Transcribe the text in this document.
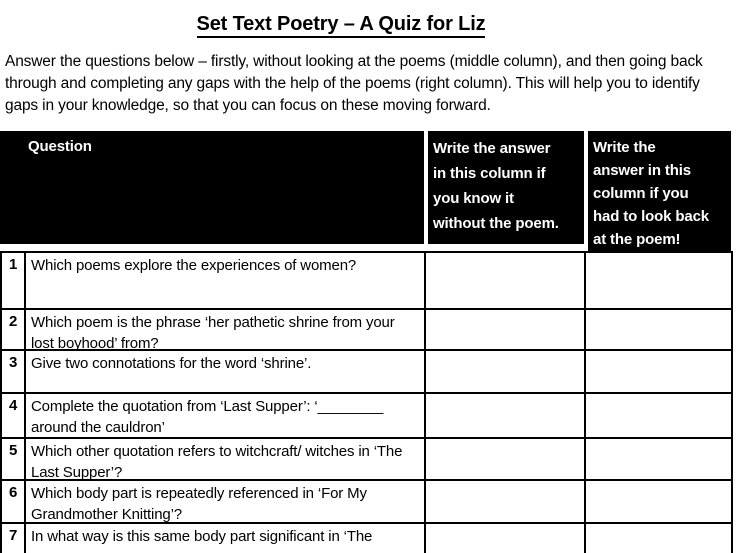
Set Text Poetry – A Quiz for Liz
Answer the questions below – firstly, without looking at the poems (middle column), and then going back through and completing any gaps with the help of the poems (right column). This will help you to identify gaps in your knowledge, so that you can focus on these moving forward.
Question	Write the answer
in this column if
you know it
without the poem.
Write the
answer in this
column if you
had to look back
at the poem!
1 Which poems explore the experiences of women?
2 Which poem is the phrase ‘her pathetic shrine from your lost boyhood’ from?
3 Give two connotations for the word ‘shrine’.
4 Complete the quotation from ‘Last Supper’: ‘________ around the cauldron’
5 Which other quotation refers to witchcraft/ witches in ‘The Last Supper’?
6 Which body part is repeatedly referenced in ‘For My Grandmother Knitting’?
7 In what way is this same body part significant in ‘The
